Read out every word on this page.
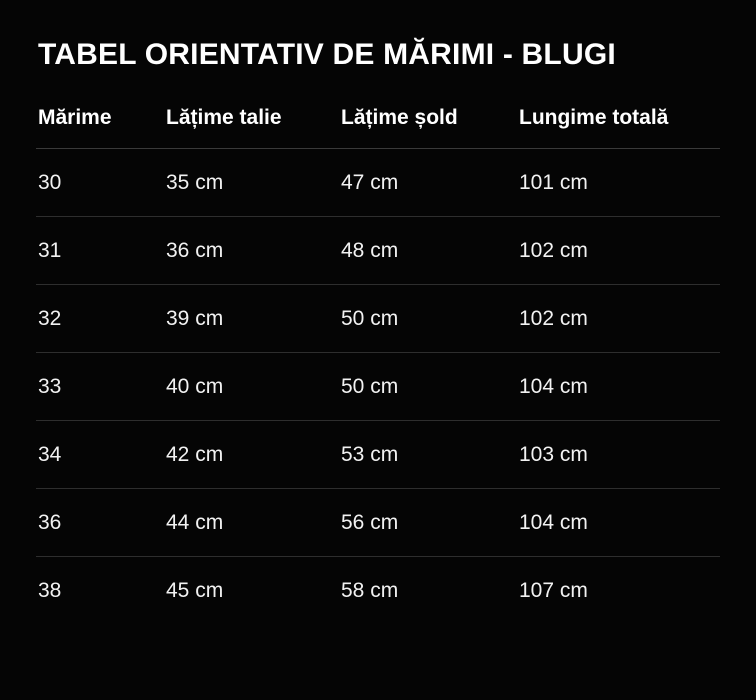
TABEL ORIENTATIV DE MĂRIMI - BLUGI
Mărime	Lățime talie	Lățime șold	Lungime totală
30	35 cm	47 cm	101 cm
31	36 cm	48 cm	102 cm
32	39 cm	50 cm	102 cm
33	40 cm	50 cm	104 cm
34	42 cm	53 cm	103 cm
36	44 cm	56 cm	104 cm
38	45 cm	58 cm	107 cm
